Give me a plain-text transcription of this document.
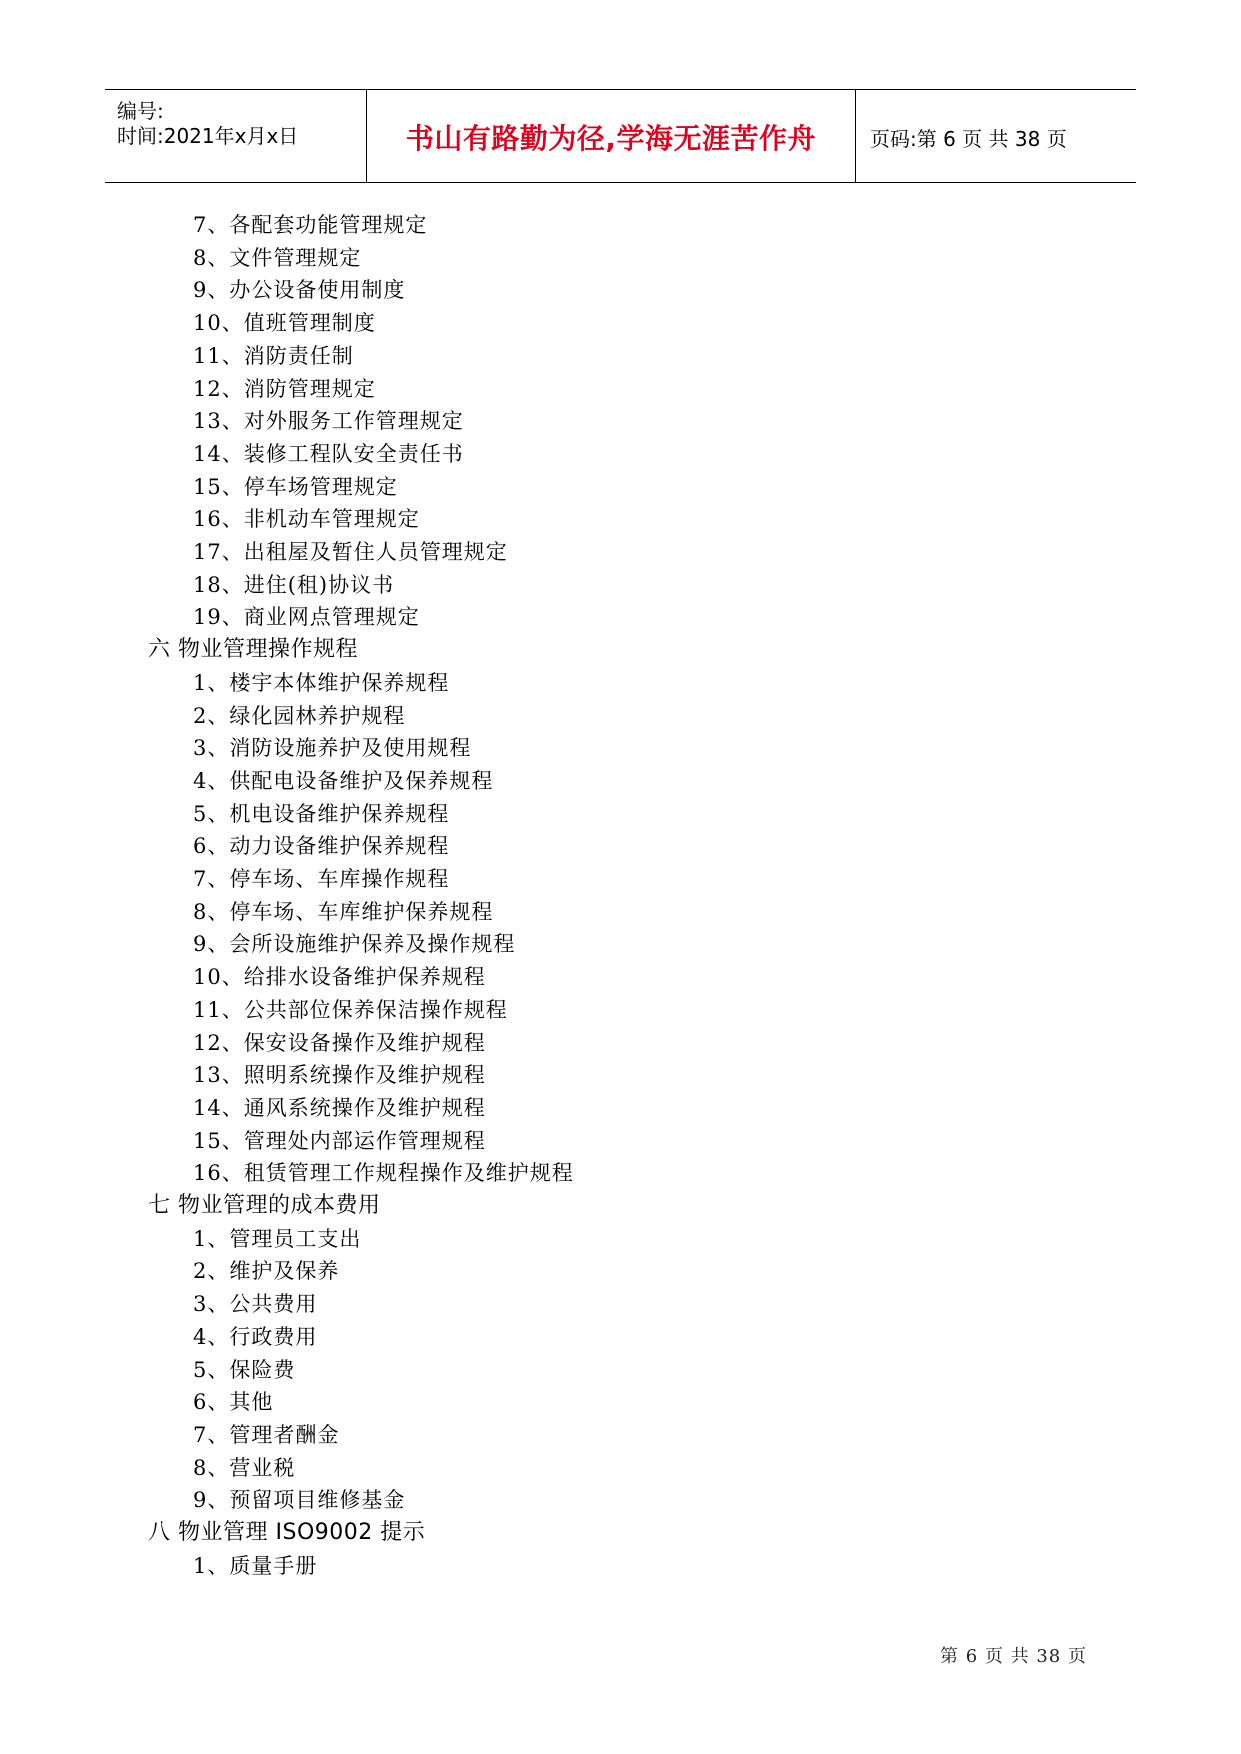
编号:
时间:2021年x月x日	书山有路勤为径,学海无涯苦作舟	页码:第 6 页 共 38 页
7、各配套功能管理规定
8、文件管理规定
9、办公设备使用制度
10、值班管理制度
11、消防责任制
12、消防管理规定
13、对外服务工作管理规定
14、装修工程队安全责任书
15、停车场管理规定
16、非机动车管理规定
17、出租屋及暂住人员管理规定
18、进住(租)协议书
19、商业网点管理规定
六 物业管理操作规程
1、楼宇本体维护保养规程
2、绿化园林养护规程
3、消防设施养护及使用规程
4、供配电设备维护及保养规程
5、机电设备维护保养规程
6、动力设备维护保养规程
7、停车场、车库操作规程
8、停车场、车库维护保养规程
9、会所设施维护保养及操作规程
10、给排水设备维护保养规程
11、公共部位保养保洁操作规程
12、保安设备操作及维护规程
13、照明系统操作及维护规程
14、通风系统操作及维护规程
15、管理处内部运作管理规程
16、租赁管理工作规程操作及维护规程
七 物业管理的成本费用
1、管理员工支出
2、维护及保养
3、公共费用
4、行政费用
5、保险费
6、其他
7、管理者酬金
8、营业税
9、预留项目维修基金
八 物业管理 ISO9002 提示
1、质量手册
第 6 页 共 38 页
